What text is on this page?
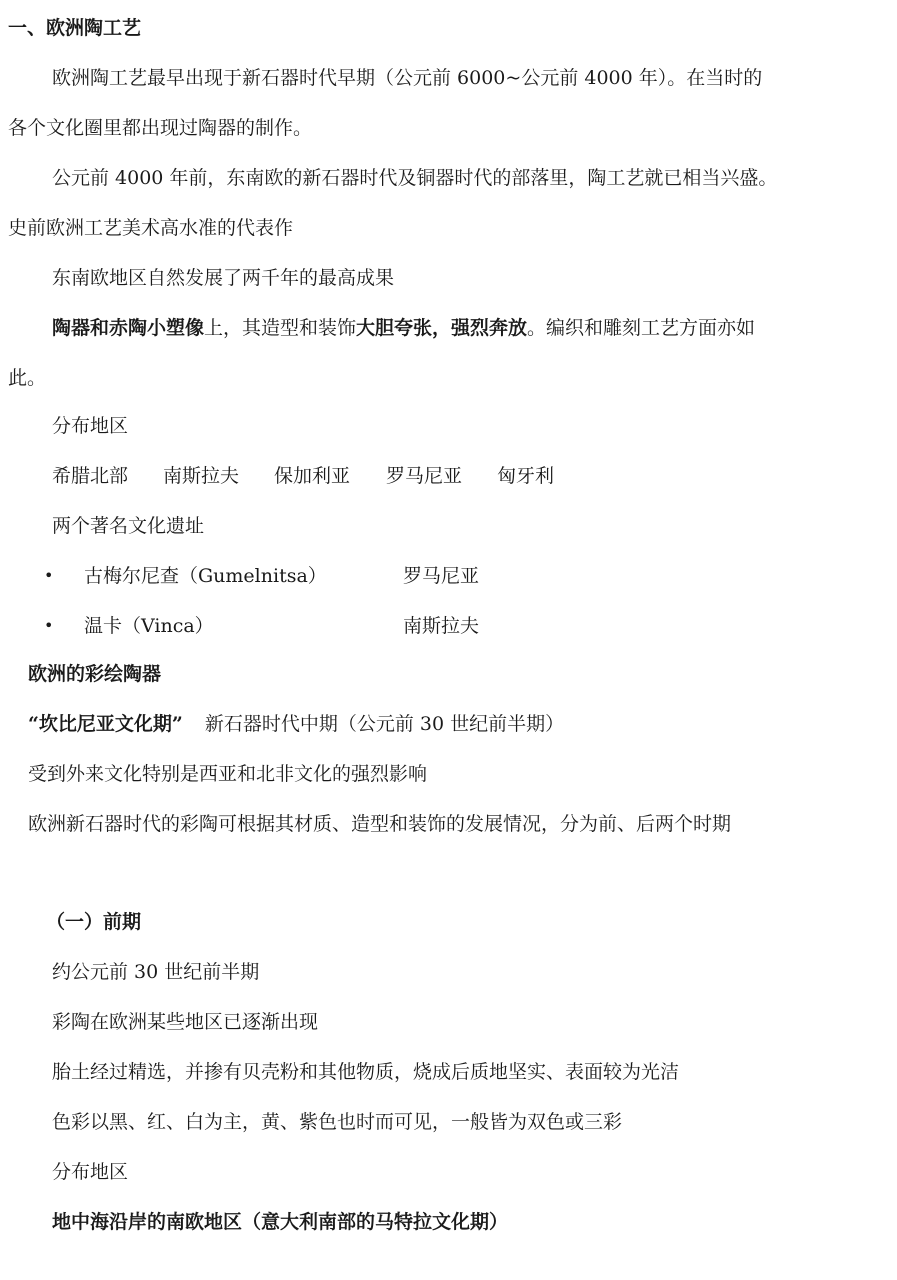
一、欧洲陶工艺
欧洲陶工艺最早出现于新石器时代早期（公元前 6000~公元前 4000 年）。在当时的
各个文化圈里都出现过陶器的制作。
公元前 4000 年前，东南欧的新石器时代及铜器时代的部落里，陶工艺就已相当兴盛。
史前欧洲工艺美术高水准的代表作
东南欧地区自然发展了两千年的最高成果
陶器和赤陶小塑像上，其造型和装饰大胆夸张，强烈奔放。编织和雕刻工艺方面亦如
此。
分布地区
希腊北部 南斯拉夫 保加利亚 罗马尼亚 匈牙利
两个著名文化遗址
• 古梅尔尼查（Gumelnitsa）	罗马尼亚
• 温卡（Vinca）	南斯拉夫
欧洲的彩绘陶器
“坎比尼亚文化期” 新石器时代中期（公元前 30 世纪前半期）
受到外来文化特别是西亚和北非文化的强烈影响
欧洲新石器时代的彩陶可根据其材质、造型和装饰的发展情况，分为前、后两个时期
（一）前期
约公元前 30 世纪前半期
彩陶在欧洲某些地区已逐渐出现
胎土经过精选，并掺有贝壳粉和其他物质，烧成后质地坚实、表面较为光洁
色彩以黑、红、白为主，黄、紫色也时而可见，一般皆为双色或三彩
分布地区
地中海沿岸的南欧地区（意大利南部的马特拉文化期）
